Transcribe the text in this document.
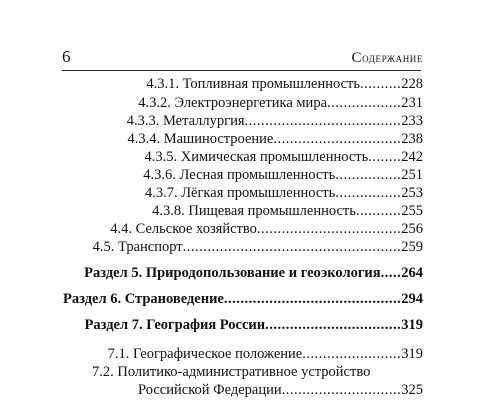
6	Содержание
4.3.1. Топливная промышленность..........228
4.3.2. Электроэнергетика мира..................231
4.3.3. Металлургия......................................233
4.3.4. Машиностроение...............................238
4.3.5. Химическая промышленность........242
4.3.6. Лесная промышленность................251
4.3.7. Лёгкая промышленность................253
4.3.8. Пищевая промышленность...........255
4.4. Сельское хозяйство...................................256
4.5. Транспорт.....................................................259
Раздел 5. Природопользование и геоэкология.....264
Раздел 6. Страноведение...........................................294
Раздел 7. География России.................................319
7.1. Географическое положение........................319
7.2. Политико-административное устройство
Российской Федерации.............................325
